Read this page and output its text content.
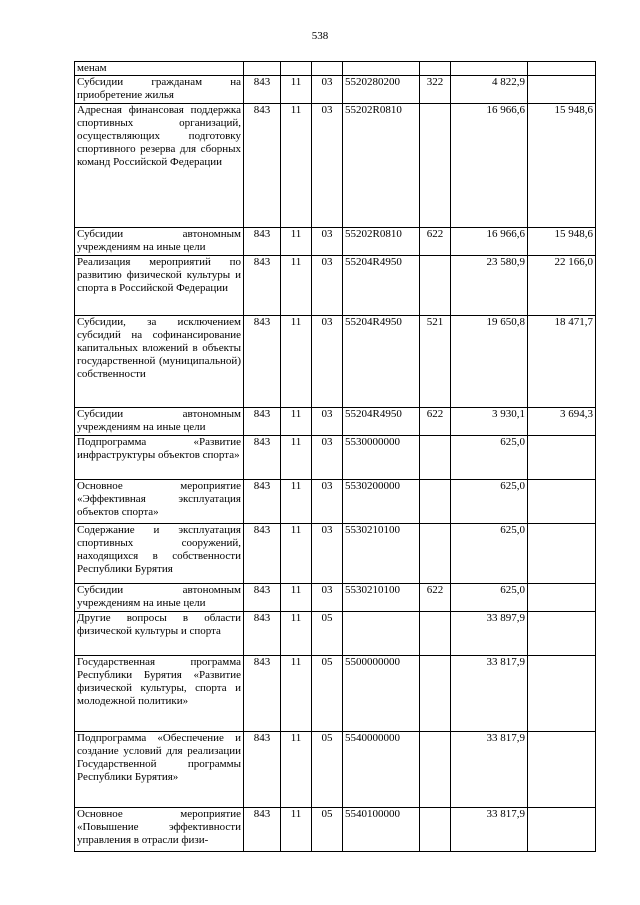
538
менам							
Субсидии гражданам на приобретение жилья	843	11	03	5520280200	322	4 822,9	
Адресная финансовая поддержка спортивных организаций, осуществляющих подготовку спортивного резерва для сборных команд Российской Федерации	843	11	03	55202R0810		16 966,6	15 948,6
Субсидии автономным учреждениям на иные цели	843	11	03	55202R0810	622	16 966,6	15 948,6
Реализация мероприятий по развитию физической культуры и спорта в Российской Федерации	843	11	03	55204R4950		23 580,9	22 166,0
Субсидии, за исключением субсидий на софинансирование капитальных вложений в объекты государственной (муниципальной) собственности	843	11	03	55204R4950	521	19 650,8	18 471,7
Субсидии автономным учреждениям на иные цели	843	11	03	55204R4950	622	3 930,1	3 694,3
Подпрограмма «Развитие инфраструктуры объектов спорта»	843	11	03	5530000000		625,0	
Основное мероприятие «Эффективная эксплуатация объектов спорта»	843	11	03	5530200000		625,0	
Содержание и эксплуатация спортивных сооружений, находящихся в собственности Республики Бурятия	843	11	03	5530210100		625,0	
Субсидии автономным учреждениям на иные цели	843	11	03	5530210100	622	625,0	
Другие вопросы в области физической культуры и спорта	843	11	05			33 897,9	
Государственная программа Республики Бурятия «Развитие физической культуры, спорта и молодежной политики»	843	11	05	5500000000		33 817,9	
Подпрограмма «Обеспечение и создание условий для реализации Государственной программы Республики Бурятия»	843	11	05	5540000000		33 817,9	
Основное мероприятие «Повышение эффективности управления в отрасли физи-	843	11	05	5540100000		33 817,9	
